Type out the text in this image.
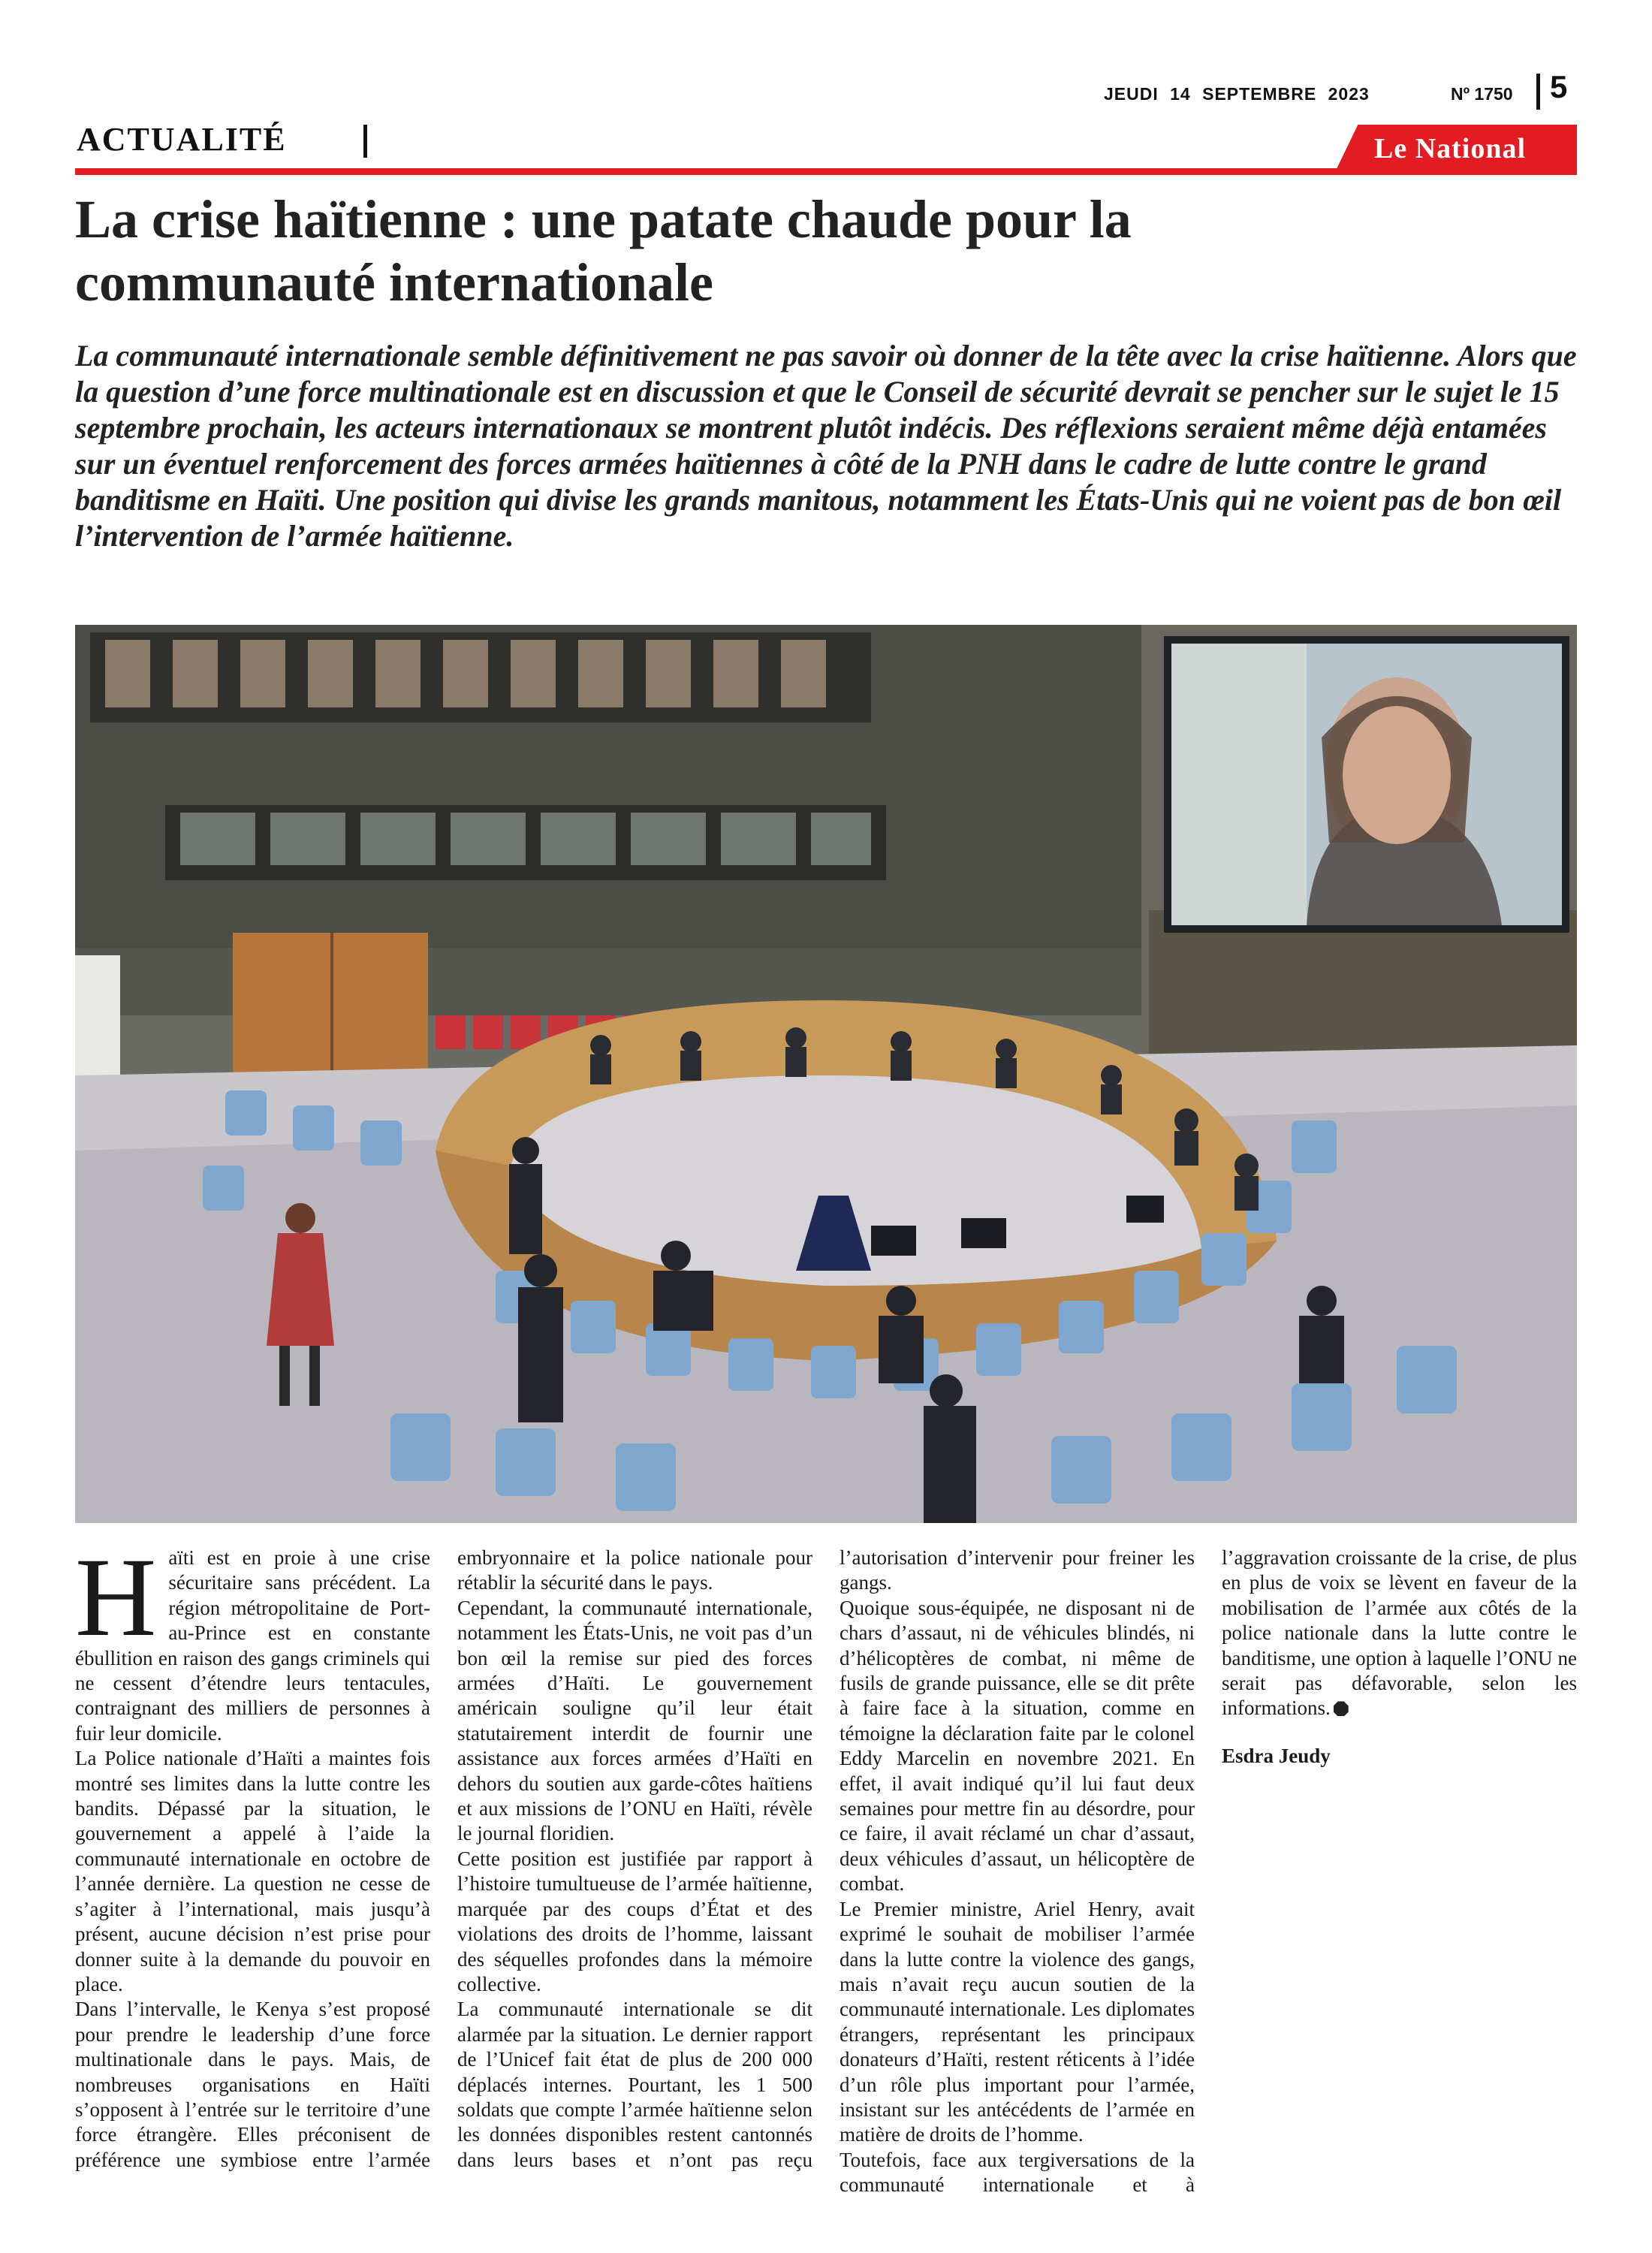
JEUDI 14 SEPTEMBRE 2023	Nº 1750 5
ACTUALITÉ	Le National
La crise haïtienne : une patate chaude pour la
communauté internationale

La communauté internationale semble définitivement ne pas savoir où donner de la tête avec la crise haïtienne. Alors que la question d’une force multinationale est en discussion et que le Conseil de sécurité devrait se pencher sur le sujet le 15 septembre prochain, les acteurs internationaux se montrent plutôt indécis. Des réflexions seraient même déjà entamées sur un éventuel renforcement des forces armées haïtiennes à côté de la PNH dans le cadre de lutte contre le grand banditisme en Haïti. Une position qui divise les grands manitous, notamment les États-Unis qui ne voient pas de bon œil l’intervention de l’armée haïtienne.

Haïti est en proie à une crise sécuritaire sans précédent. La région métropolitaine de Port-au-Prince est en constante ébullition en raison des gangs criminels qui ne cessent d’étendre leurs tentacules, contraignant des milliers de personnes à fuir leur domicile.

La Police nationale d’Haïti a maintes fois montré ses limites dans la lutte contre les bandits. Dépassé par la situation, le gouvernement a appelé à l’aide la communauté internationale en octobre de l’année dernière. La question ne cesse de s’agiter à l’international, mais jusqu’à présent, aucune décision n’est prise pour donner suite à la demande du pouvoir en place.

Dans l’intervalle, le Kenya s’est proposé pour prendre le leadership d’une force multinationale dans le pays. Mais, de nombreuses organisations en Haïti s’opposent à l’entrée sur le territoire d’une force étrangère. Elles préconisent de préférence une symbiose entre l’armée embryonnaire et la police nationale pour rétablir la sécurité dans le pays.

Cependant, la communauté internationale, notamment les États-Unis, ne voit pas d’un bon œil la remise sur pied des forces armées d’Haïti. Le gouvernement américain souligne qu’il leur était statutairement interdit de fournir une assistance aux forces armées d’Haïti en dehors du soutien aux garde-côtes haïtiens et aux missions de l’ONU en Haïti, révèle le journal floridien.

Cette position est justifiée par rapport à l’histoire tumultueuse de l’armée haïtienne, marquée par des coups d’État et des violations des droits de l’homme, laissant des séquelles profondes dans la mémoire collective.

La communauté internationale se dit alarmée par la situation. Le dernier rapport de l’Unicef fait état de plus de 200 000 déplacés internes. Pourtant, les 1 500 soldats que compte l’armée haïtienne selon les données disponibles restent cantonnés dans leurs bases et n’ont pas reçu l’autorisation d’intervenir pour freiner les gangs.

Quoique sous-équipée, ne disposant ni de chars d’assaut, ni de véhicules blindés, ni d’hélicoptères de combat, ni même de fusils de grande puissance, elle se dit prête à faire face à la situation, comme en témoigne la déclaration faite par le colonel Eddy Marcelin en novembre 2021. En effet, il avait indiqué qu’il lui faut deux semaines pour mettre fin au désordre, pour ce faire, il avait réclamé un char d’assaut, deux véhicules d’assaut, un hélicoptère de combat.

Le Premier ministre, Ariel Henry, avait exprimé le souhait de mobiliser l’armée dans la lutte contre la violence des gangs, mais n’avait reçu aucun soutien de la communauté internationale. Les diplomates étrangers, représentant les principaux donateurs d’Haïti, restent réticents à l’idée d’un rôle plus important pour l’armée, insistant sur les antécédents de l’armée en matière de droits de l’homme.

Toutefois, face aux tergiversations de la communauté internationale et à l’aggravation croissante de la crise, de plus en plus de voix se lèvent en faveur de la mobilisation de l’armée aux côtés de la police nationale dans la lutte contre le banditisme, une option à laquelle l’ONU ne serait pas défavorable, selon les informations.

Esdra Jeudy
